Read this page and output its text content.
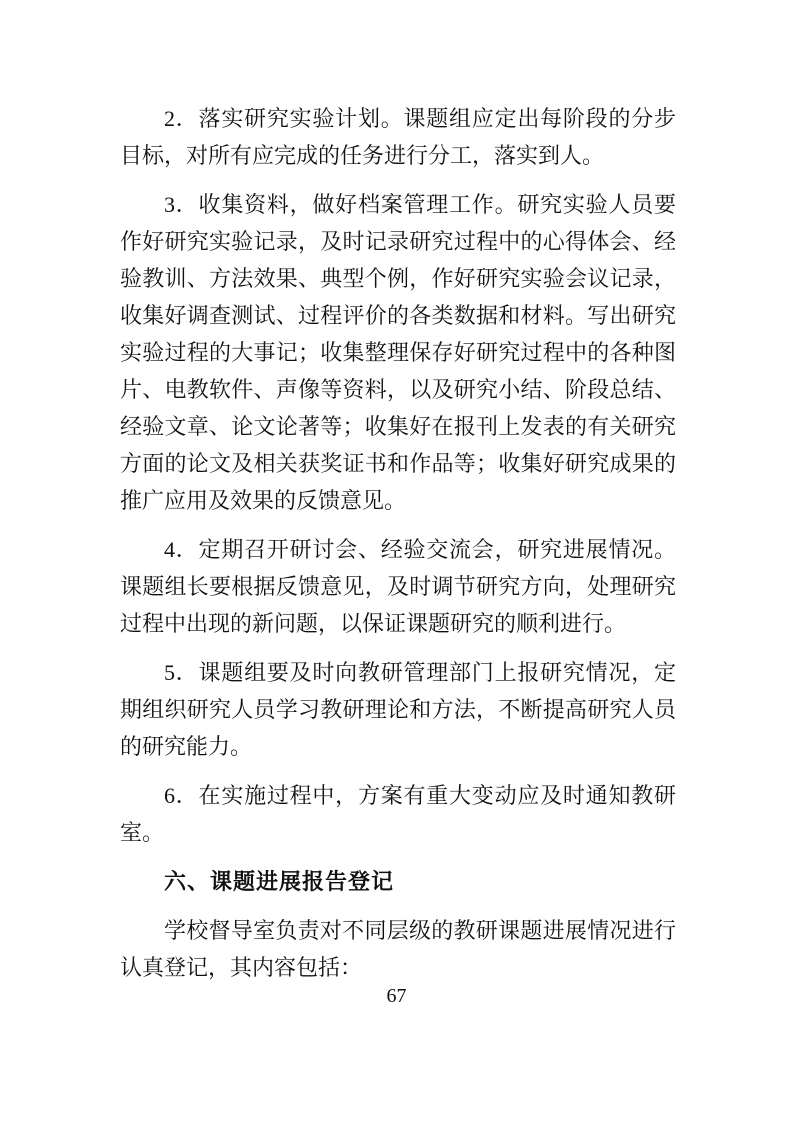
2．落实研究实验计划。课题组应定出每阶段的分步目标，对所有应完成的任务进行分工，落实到人。

3．收集资料，做好档案管理工作。研究实验人员要作好研究实验记录，及时记录研究过程中的心得体会、经验教训、方法效果、典型个例，作好研究实验会议记录，收集好调查测试、过程评价的各类数据和材料。写出研究实验过程的大事记；收集整理保存好研究过程中的各种图片、电教软件、声像等资料，以及研究小结、阶段总结、经验文章、论文论著等；收集好在报刊上发表的有关研究方面的论文及相关获奖证书和作品等；收集好研究成果的推广应用及效果的反馈意见。

4．定期召开研讨会、经验交流会，研究进展情况。课题组长要根据反馈意见，及时调节研究方向，处理研究过程中出现的新问题，以保证课题研究的顺利进行。

5．课题组要及时向教研管理部门上报研究情况，定期组织研究人员学习教研理论和方法，不断提高研究人员的研究能力。

6．在实施过程中，方案有重大变动应及时通知教研室。

六、课题进展报告登记

学校督导室负责对不同层级的教研课题进展情况进行认真登记，其内容包括：

67
